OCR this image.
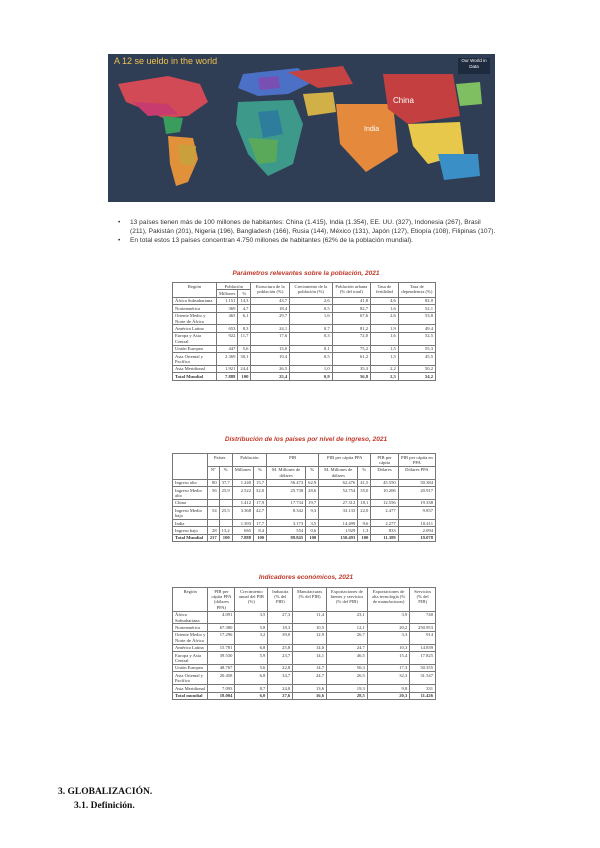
A 12 se ueldo in the world	Our World in Data
China
India
• 13 países tienen más de 100 millones de habitantes: China (1.415), India (1.354), EE. UU. (327), Indonesia (267), Brasil (211), Pakistán (201), Nigeria (196), Bangladesh (166), Rusia (144), México (131), Japón (127), Etiopía (108), Filipinas (107).
• En total estos 13 países concentran 4.750 millones de habitantes (62% de la población mundial).
Parámetros relevantes sobre la población, 2021
Región	Población		Estructura de la población (%)	Crecimiento de la población (%)	Población urbana (% del total)	Tasa de fertilidad	Tasa de dependencia (%)
	Millones	%					
África Subsahariana	1.151	14,3	43,7	2,6	41,8	4,6	82,0
Norteamérica	369	4,7	18,4	0,5	82,7	1,6	52,1
Oriente Medio y Norte de África	465	6,1	29,7	1,6	67,6	2,6	53,8
América Latina	653	8,3	24,1	0,7	81,2	1,9	49,4
Europa y Asia Central	922	11,7	17,6	0,3	72,0	1,6	52,5
Unión Europea	447	5,6	15,0	0,1	75,2	1,5	55,3
Asia Oriental y Pacífico	2.369	30,1	19,4	0,5	61,2	1,5	45,5
Asia Meridional	1.921	24,4	26,5	1,0	35,3	2,2	50,2
Total Mundial	7.888	100	25,4	0,9	56,8	2,3	54,2
Distribución de los países por nivel de ingreso, 2021
	Países		Población		PIB		PIB per cápita PPA		PIB per cápita	PIB per cápita en PPA
	Nº	%	Millones	%	M. Millones de dólares	%	M. Millones de dólares	%	Dólares	Dólares PPA
Ingreso alto	80	37,7	1.240	15,7	56.473	62,9	62.476	41,5	45.550	50.384
Ingreso Medio alto	56	25,9	2.522	32,0	25.738	28,6	52.754	35,0	10.206	20.917
China			1.412	17,9	17.734	19,7	27.312	18,1	12.556	19.338
Ingreso Medio bajo	54	25,5	3.368	42,7	8.342	9,3	33.133	22,0	2.477	9.837
India			1.393	17,7	3.173	3,5	14.499	9,6	2.277	10.411
Ingreso bajo	28	13,2	665	8,4	554	0,6	1.929	1,3	833	2.094
Total Mundial	217	100	7.888	100	89.845	100	150.493	100	11.389	19.078
Indicadores económicos, 2021
Región	PIB per cápita PPA (dólares PPA)	Crecimiento anual del PIB (%)	Industria (% del PIB)	Manufacturas (% del PIB)	Exportaciones de bienes y servicios (% del PIB)	Exportaciones de alta tecnología (% de manufacturas)	Servicios (% del PIB)
África Subsahariana	4.091	3,5	27,3	11,4	23,1	3,9	740
Norteamérica	67.380	5,8	18,3	10,5	12,1	20,2	250.953
Oriente Medio y Norte de África	17.296	3,2	39,0	12,9	26,7	3,3	914
América Latina	15.781	6,8	25,8	14,0	24,7	10,3	14.839
Europa y Asia Central	39.530	5,9	23,7	14,1	46,5	15,4	17.825
Unión Europea	48.767	5,6	22,8	14,7	56,3	17,3	50.355
Asia Oriental y Pacífico	20.458	6,8	34,7	24,7	26,5	32,3	31.547
Asia Meridional	7.093	8,7	24,0	13,6	19,3	9,8	331
Total mundial	18.004	6,0	27,6	16,6	28,5	20,3	11.426
3. GLOBALIZACIÓN.
3.1. Definición.
